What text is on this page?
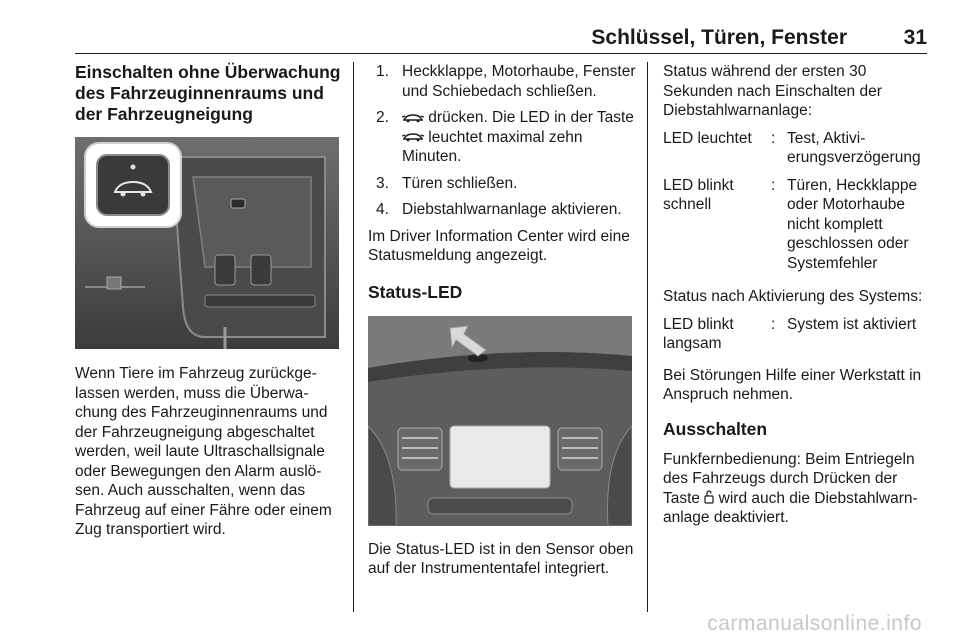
Schlüssel, Türen, Fenster	31
Einschalten ohne Überwachung des Fahrzeuginnenraums und der Fahrzeugneigung

Wenn Tiere im Fahrzeug zurückgelassen werden, muss die Überwachung des Fahrzeuginnenraums und der Fahrzeugneigung abgeschaltet werden, weil laute Ultraschallsignale oder Bewegungen den Alarm auslösen. Auch ausschalten, wenn das Fahrzeug auf einer Fähre oder einem Zug transportiert wird.

1. Heckklappe, Motorhaube, Fenster und Schiebedach schließen.
2.	drücken. Die LED in der Taste  leuchtet maximal zehn Minuten.
3. Türen schließen.
4. Diebstahlwarnanlage aktivieren.

Im Driver Information Center wird eine Statusmeldung angezeigt.

Status-LED

Die Status-LED ist in den Sensor oben auf der Instrumententafel integriert.

Status während der ersten 30 Sekunden nach Einschalten der Diebstahlwarnanlage:

LED leuchtet	:	Test, Aktivierungsverzögerung
LED blinkt schnell	:	Türen, Heckklappe oder Motorhaube nicht komplett geschlossen oder Systemfehler

Status nach Aktivierung des Systems:

LED blinkt langsam	:	System ist aktiviert

Bei Störungen Hilfe einer Werkstatt in Anspruch nehmen.

Ausschalten

Funkfernbedienung: Beim Entriegeln des Fahrzeugs durch Drücken der Taste  wird auch die Diebstahlwarnanlage deaktiviert.

carmanualsonline.info
